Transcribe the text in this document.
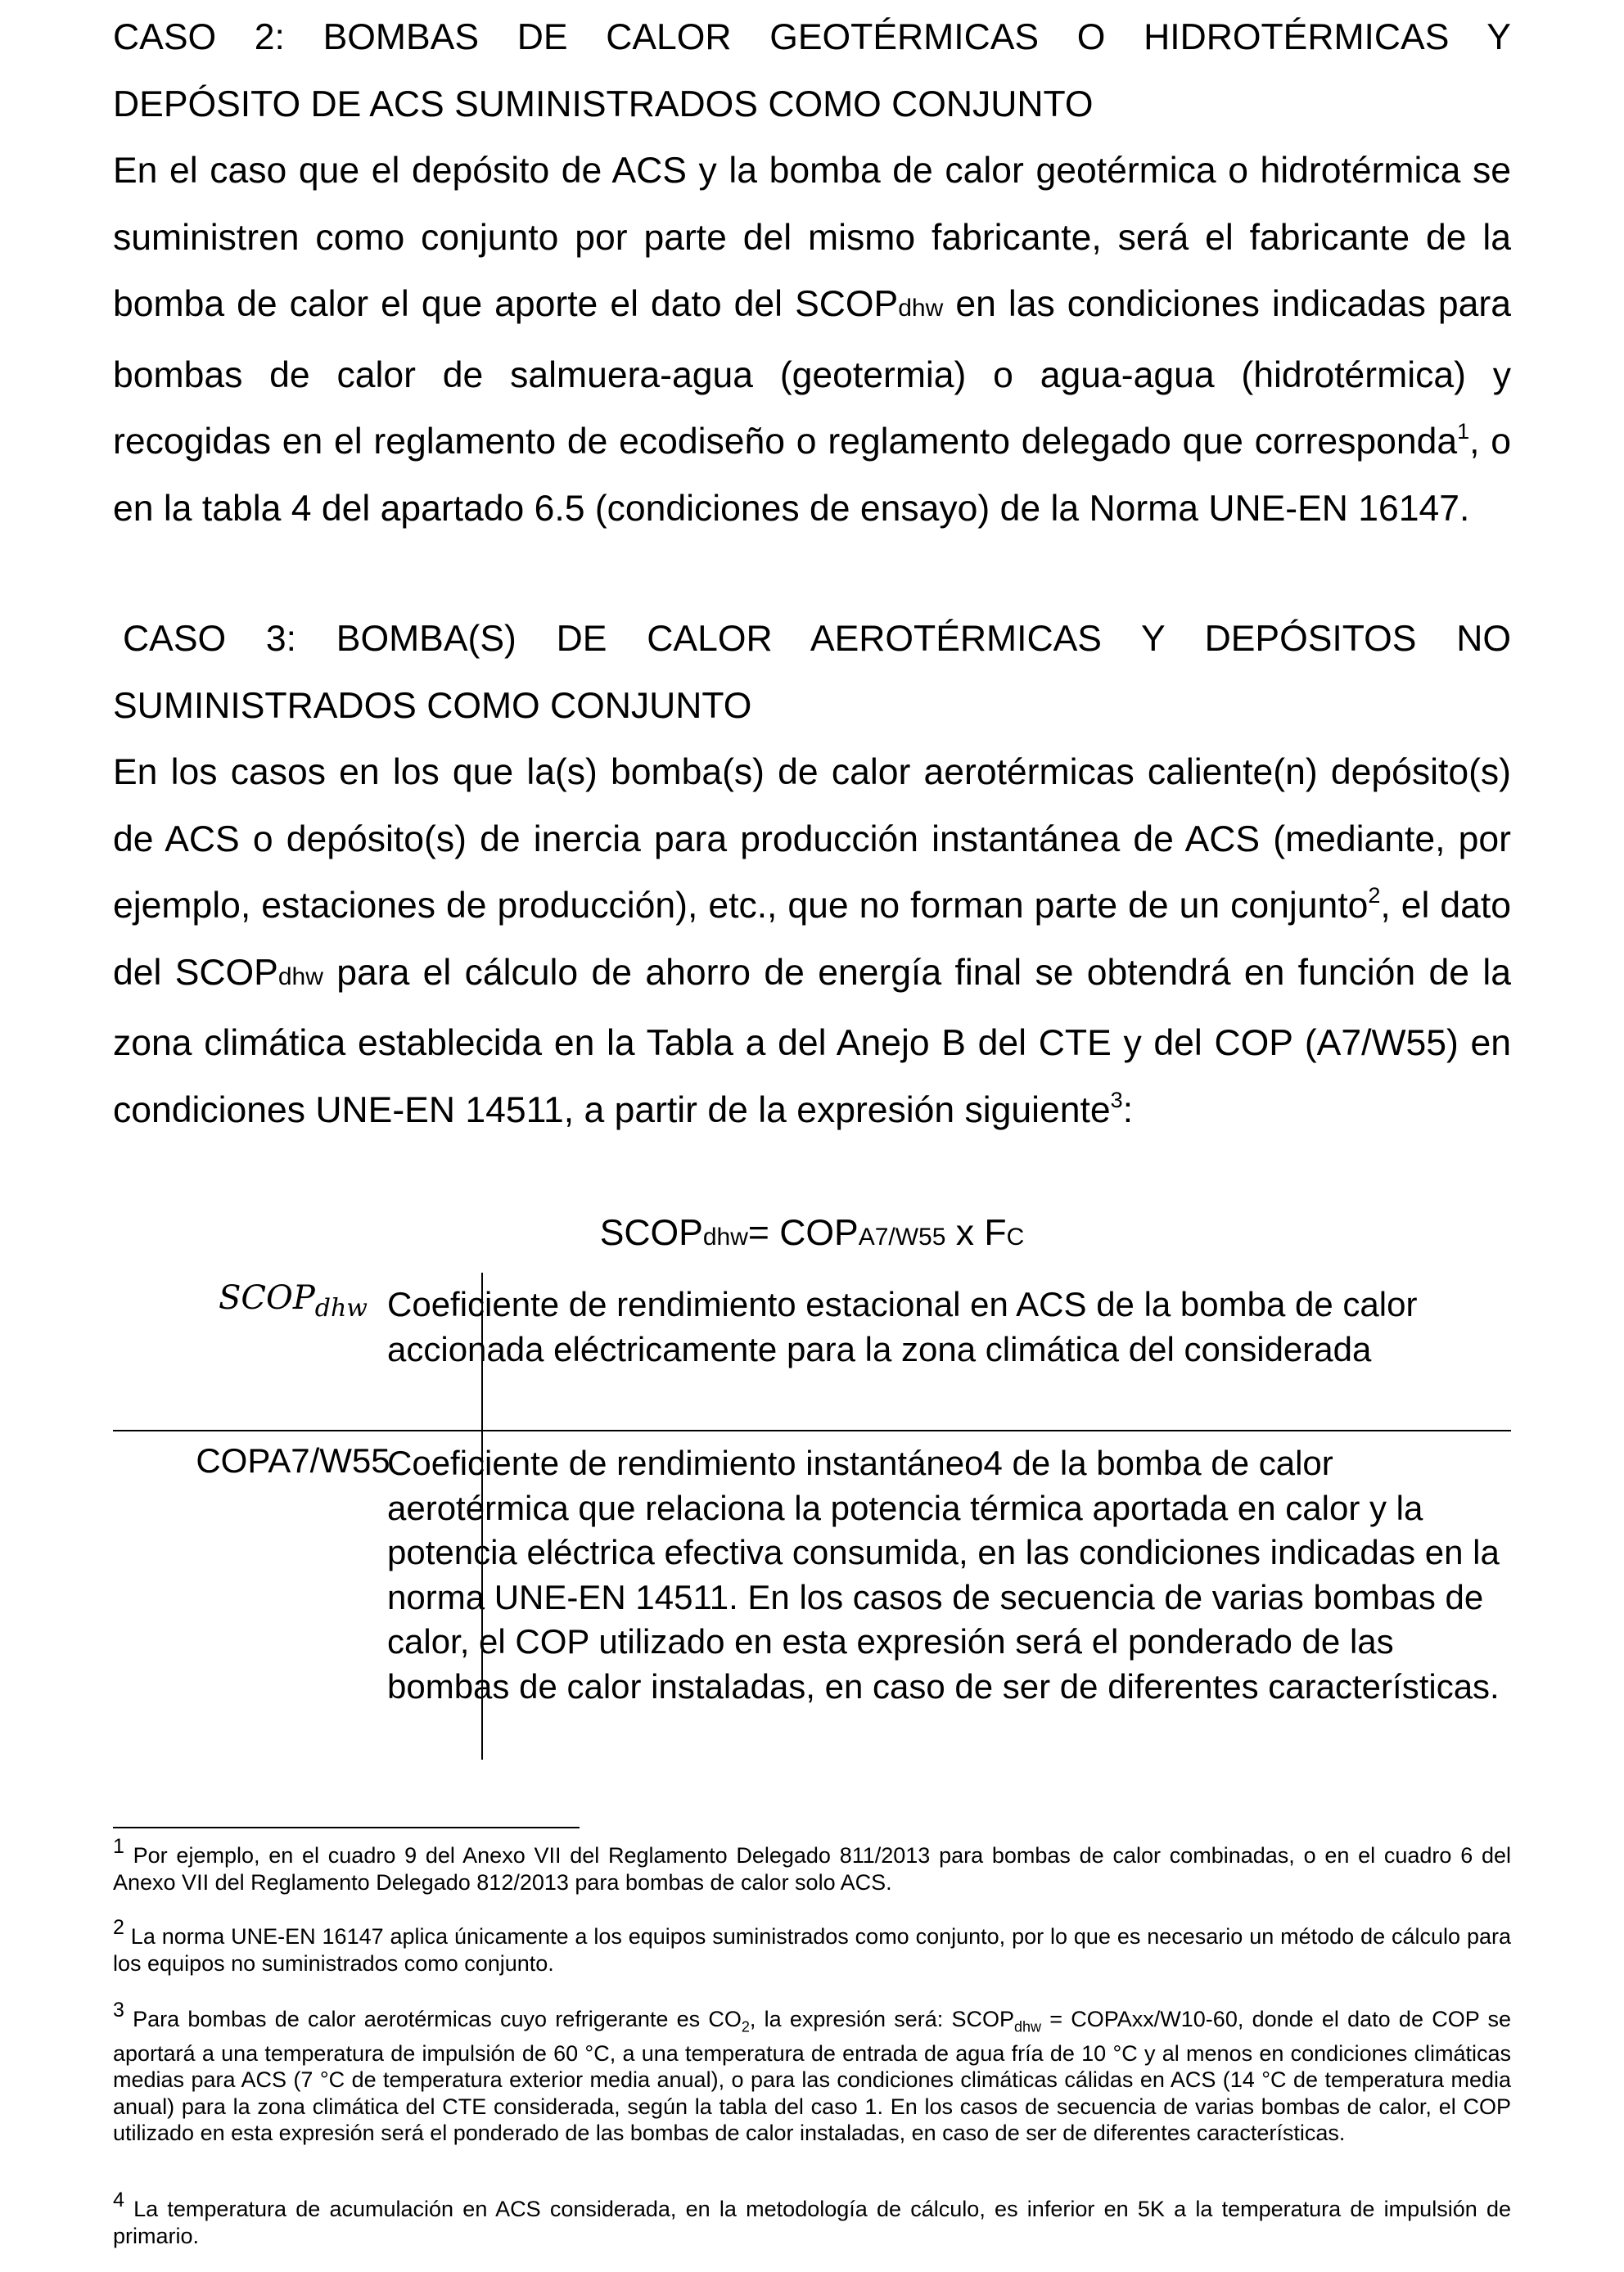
CASO 2: BOMBAS DE CALOR GEOTÉRMICAS O HIDROTÉRMICAS Y
DEPÓSITO DE ACS SUMINISTRADOS COMO CONJUNTO

En el caso que el depósito de ACS y la bomba de calor geotérmica o hidrotérmica se suministren como conjunto por parte del mismo fabricante, será el fabricante de la bomba de calor el que aporte el dato del SCOPdhw en las condiciones indicadas para bombas de calor de salmuera-agua (geotermia) o agua-agua (hidrotérmica) y recogidas en el reglamento de ecodiseño o reglamento delegado que corresponda$^1$, o en la tabla 4 del apartado 6.5 (condiciones de ensayo) de la Norma UNE-EN 16147.

CASO 3: BOMBA(S) DE CALOR AEROTÉRMICAS Y DEPÓSITOS NO
SUMINISTRADOS COMO CONJUNTO

En los casos en los que la(s) bomba(s) de calor aerotérmicas caliente(n) depósito(s) de ACS o depósito(s) de inercia para producción instantánea de ACS (mediante, por ejemplo, estaciones de producción), etc., que no forman parte de un conjunto$^2$, el dato del SCOPdhw para el cálculo de ahorro de energía final se obtendrá en función de la zona climática establecida en la Tabla a del Anejo B del CTE y del COP (A7/W55) en condiciones UNE-EN 14511, a partir de la expresión siguiente$^3$:

SCOPdhw= COPA7/W55 x FC
$SCOP_{dhw}$ Coeficiente de rendimiento estacional en ACS de la bomba de calor accionada eléctricamente para la zona climática del considerada
COPA7/W55
Coeficiente de rendimiento instantáneo4 de la bomba de calor aerotérmica que relaciona la potencia térmica aportada en calor y la potencia eléctrica efectiva consumida, en las condiciones indicadas en la norma UNE-EN 14511. En los casos de secuencia de varias bombas de calor, el COP utilizado en esta expresión será el ponderado de las bombas de calor instaladas, en caso de ser de diferentes características.

1 Por ejemplo, en el cuadro 9 del Anexo VII del Reglamento Delegado 811/2013 para bombas de calor combinadas, o en el cuadro 6 del Anexo VII del Reglamento Delegado 812/2013 para bombas de calor solo ACS.

2 La norma UNE-EN 16147 aplica únicamente a los equipos suministrados como conjunto, por lo que es necesario un método de cálculo para los equipos no suministrados como conjunto.

3 Para bombas de calor aerotérmicas cuyo refrigerante es $CO_2$, la expresión será: $SCOP_{dhw}$ = COPAxx/W10-60, donde el dato de COP se aportará a una temperatura de impulsión de 60 °C, a una temperatura de entrada de agua fría de 10 °C y al menos en condiciones climáticas medias para ACS (7 °C de temperatura exterior media anual), o para las condiciones climáticas cálidas en ACS (14 °C de temperatura media anual) para la zona climática del CTE considerada, según la tabla del caso 1. En los casos de secuencia de varias bombas de calor, el COP utilizado en esta expresión será el ponderado de las bombas de calor instaladas, en caso de ser de diferentes características.

4 La temperatura de acumulación en ACS considerada, en la metodología de cálculo, es inferior en 5K a la temperatura de impulsión de primario.
